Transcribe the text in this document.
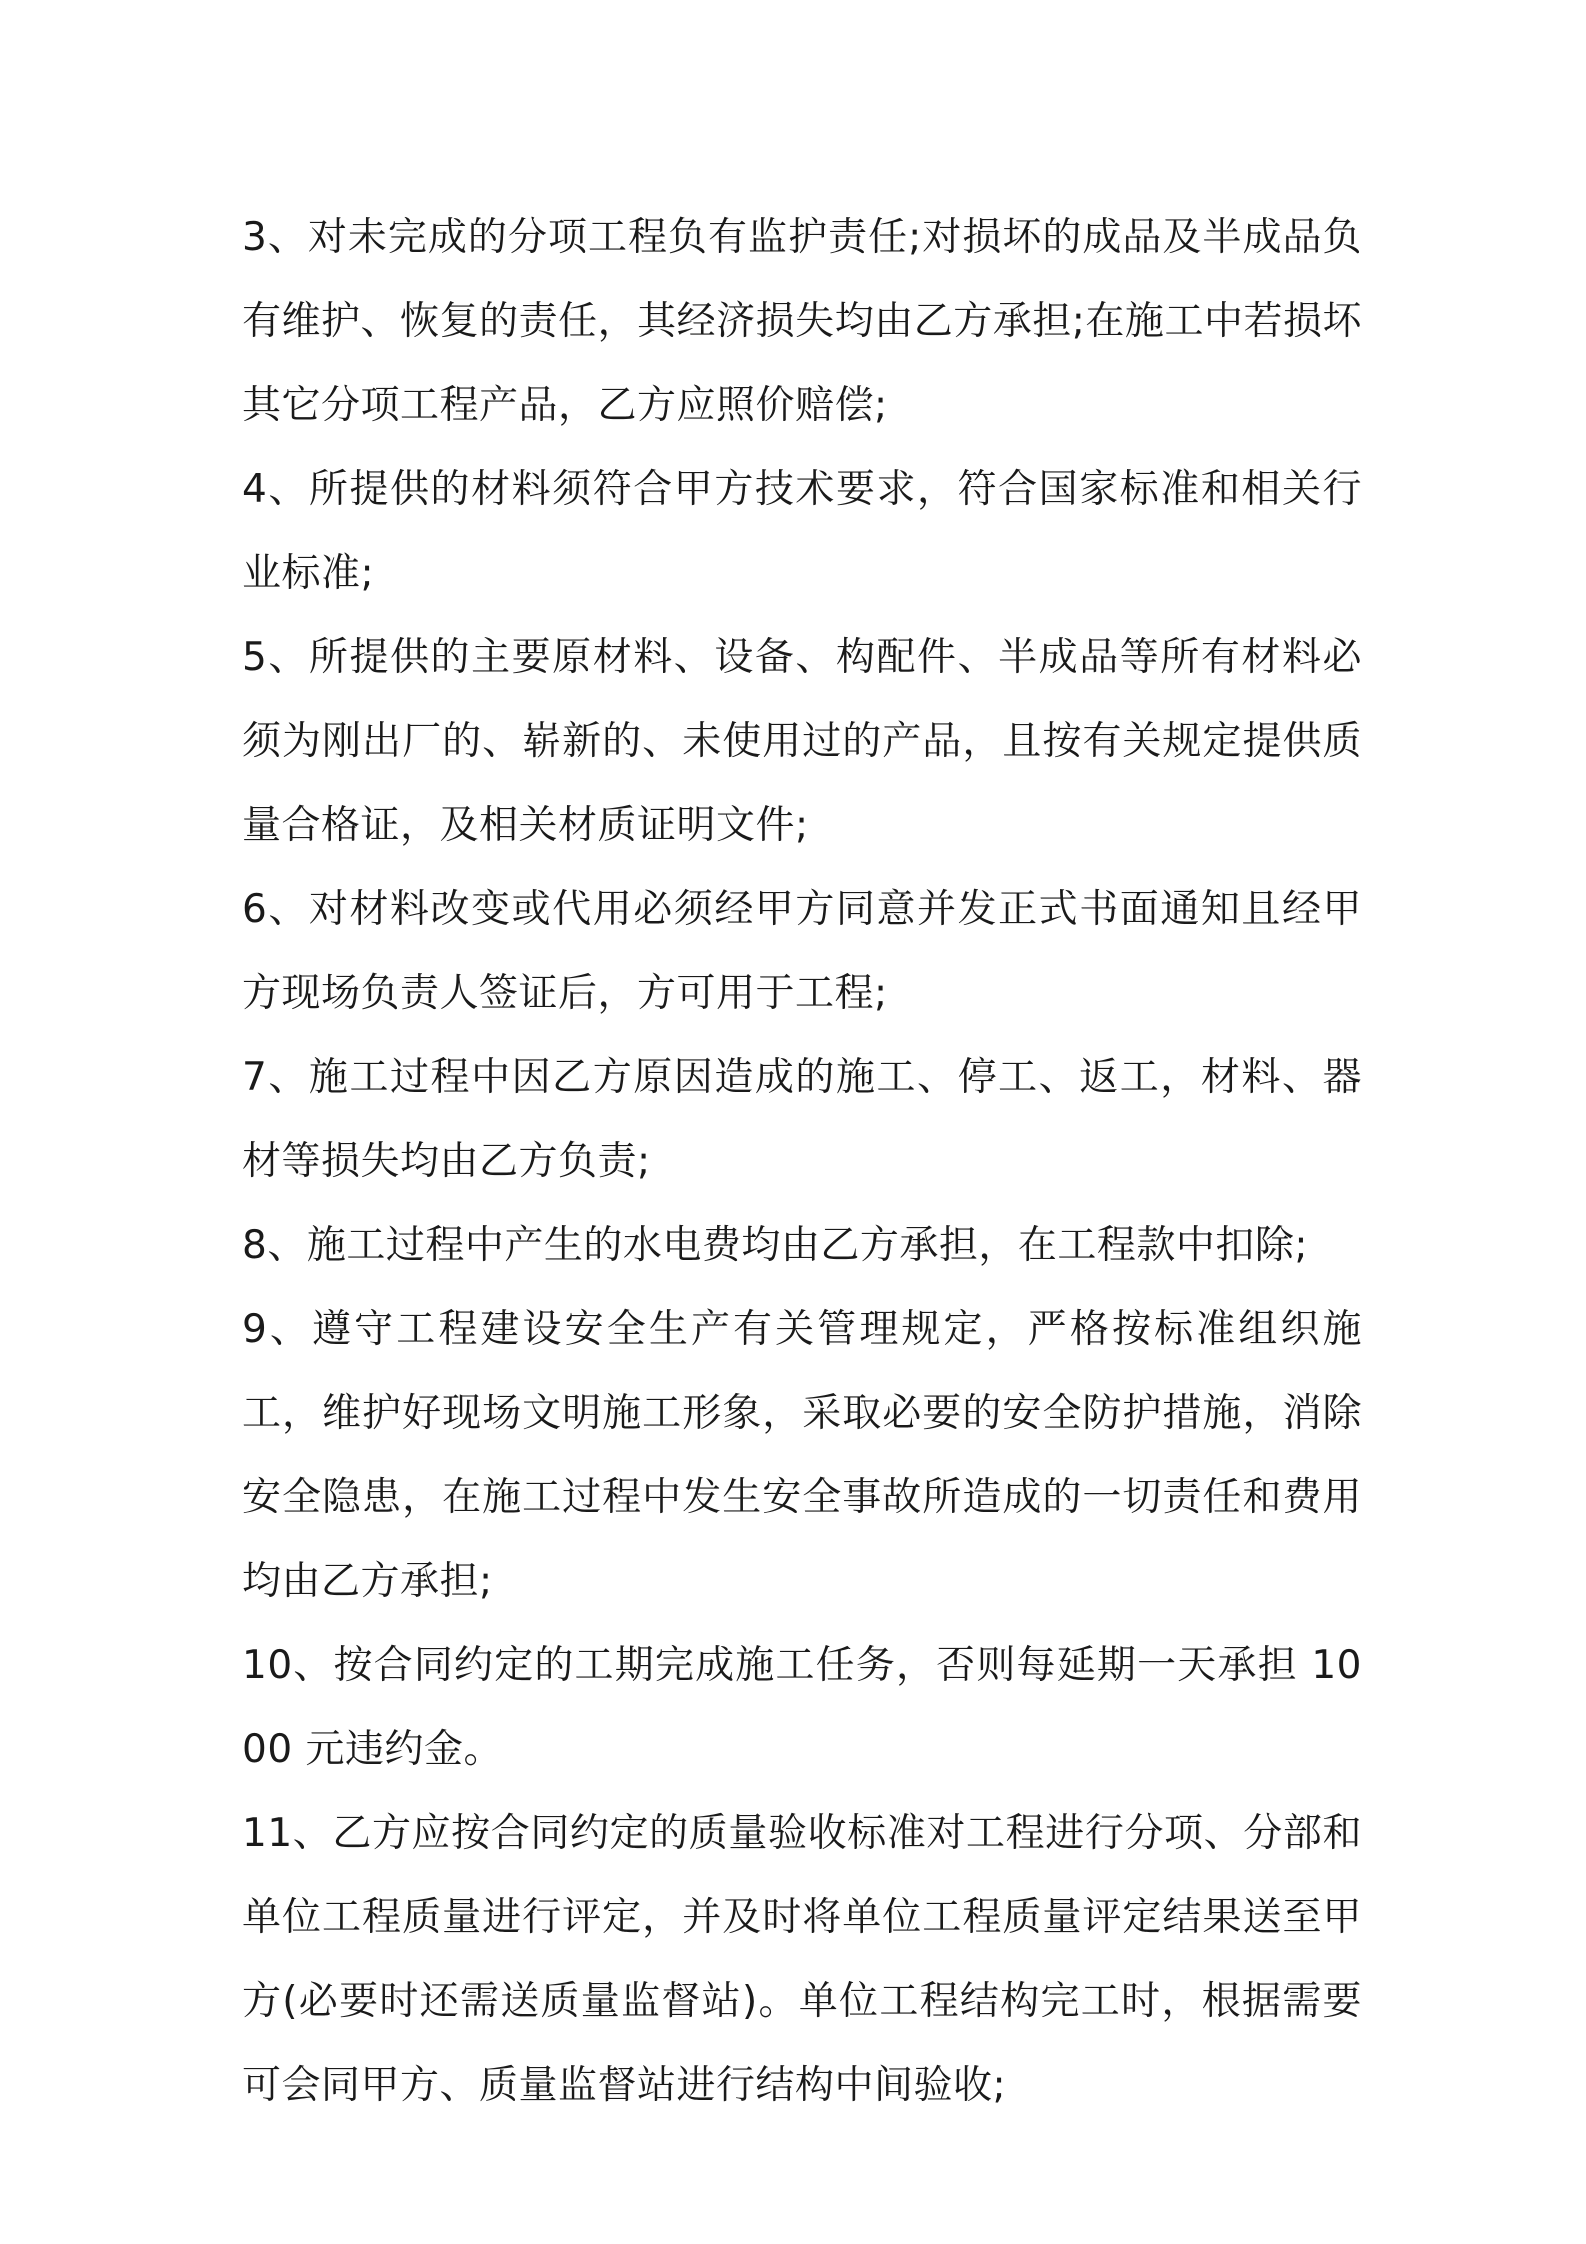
3、对未完成的分项工程负有监护责任;对损坏的成品及半成品负有维护、恢复的责任，其经济损失均由乙方承担;在施工中若损坏其它分项工程产品，乙方应照价赔偿;

4、所提供的材料须符合甲方技术要求，符合国家标准和相关行业标准;

5、所提供的主要原材料、设备、构配件、半成品等所有材料必须为刚出厂的、崭新的、未使用过的产品，且按有关规定提供质量合格证，及相关材质证明文件;

6、对材料改变或代用必须经甲方同意并发正式书面通知且经甲方现场负责人签证后，方可用于工程;

7、施工过程中因乙方原因造成的施工、停工、返工，材料、器材等损失均由乙方负责;

8、施工过程中产生的水电费均由乙方承担，在工程款中扣除;

9、遵守工程建设安全生产有关管理规定，严格按标准组织施工，维护好现场文明施工形象，采取必要的安全防护措施，消除安全隐患，在施工过程中发生安全事故所造成的一切责任和费用均由乙方承担;

10、按合同约定的工期完成施工任务，否则每延期一天承担 1000 元违约金。

11、乙方应按合同约定的质量验收标准对工程进行分项、分部和单位工程质量进行评定，并及时将单位工程质量评定结果送至甲方(必要时还需送质量监督站)。单位工程结构完工时，根据需要可会同甲方、质量监督站进行结构中间验收;
